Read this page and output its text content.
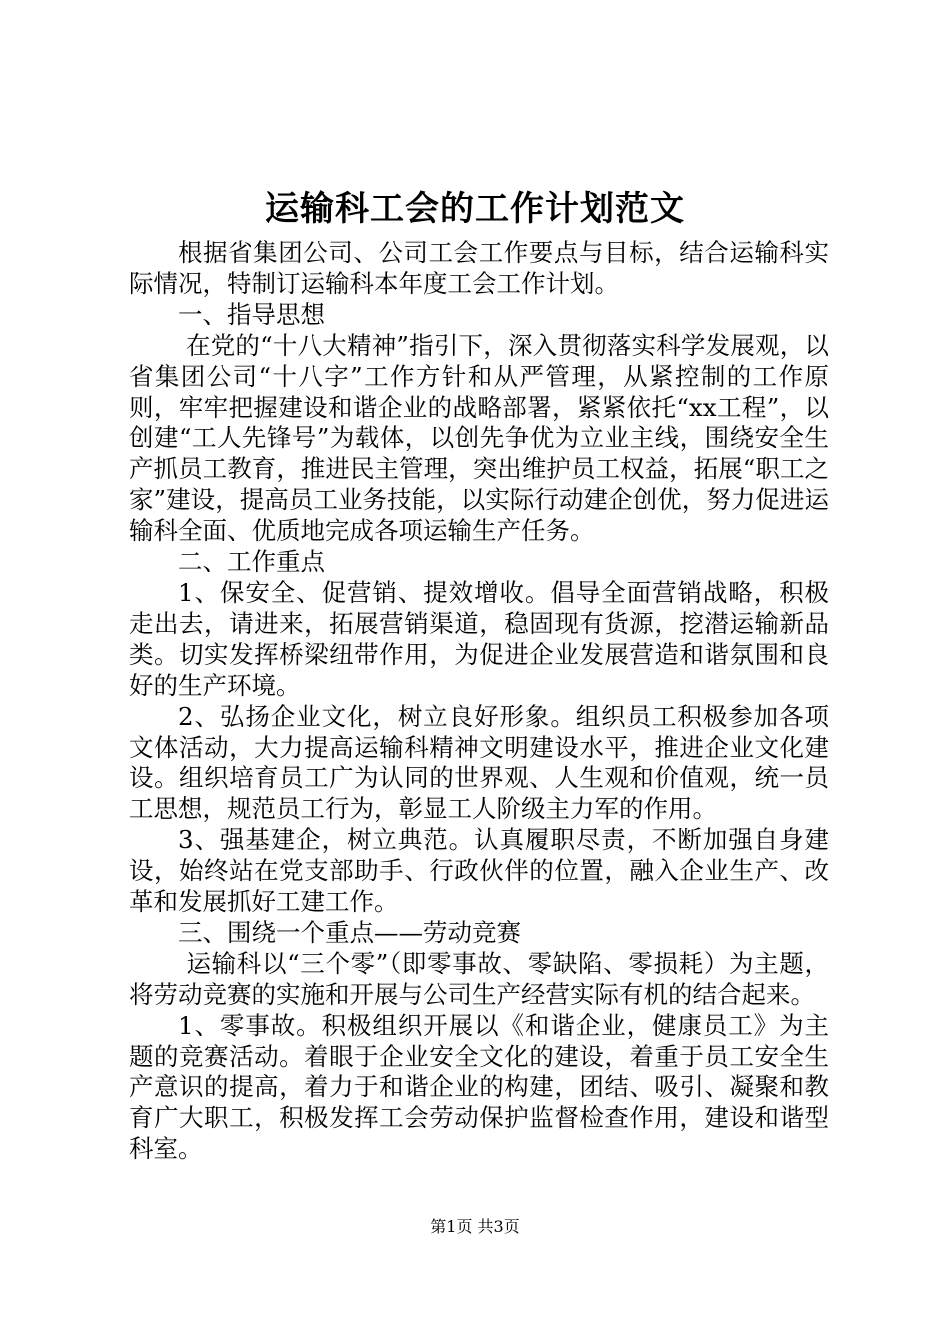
运输科工会的工作计划范文

根据省集团公司、公司工会工作要点与目标，结合运输科实际情况，特制订运输科本年度工会工作计划。

一、指导思想

在党的“十八大精神”指引下，深入贯彻落实科学发展观，以省集团公司“十八字”工作方针和从严管理，从紧控制的工作原则，牢牢把握建设和谐企业的战略部署，紧紧依托“xx工程”，以创建“工人先锋号”为载体，以创先争优为立业主线，围绕安全生产抓员工教育，推进民主管理，突出维护员工权益，拓展“职工之家”建设，提高员工业务技能，以实际行动建企创优，努力促进运输科全面、优质地完成各项运输生产任务。

二、工作重点

1、保安全、促营销、提效增收。倡导全面营销战略，积极走出去，请进来，拓展营销渠道，稳固现有货源，挖潜运输新品类。切实发挥桥梁纽带作用，为促进企业发展营造和谐氛围和良好的生产环境。

2、弘扬企业文化，树立良好形象。组织员工积极参加各项文体活动，大力提高运输科精神文明建设水平，推进企业文化建设。组织培育员工广为认同的世界观、人生观和价值观，统一员工思想，规范员工行为，彰显工人阶级主力军的作用。

3、强基建企，树立典范。认真履职尽责，不断加强自身建设，始终站在党支部助手、行政伙伴的位置，融入企业生产、改革和发展抓好工建工作。

三、围绕一个重点——劳动竞赛

运输科以“三个零”（即零事故、零缺陷、零损耗）为主题，将劳动竞赛的实施和开展与公司生产经营实际有机的结合起来。

1、零事故。积极组织开展以《和谐企业，健康员工》为主题的竞赛活动。着眼于企业安全文化的建设，着重于员工安全生产意识的提高，着力于和谐企业的构建，团结、吸引、凝聚和教育广大职工，积极发挥工会劳动保护监督检查作用，建设和谐型科室。

第1页 共3页
